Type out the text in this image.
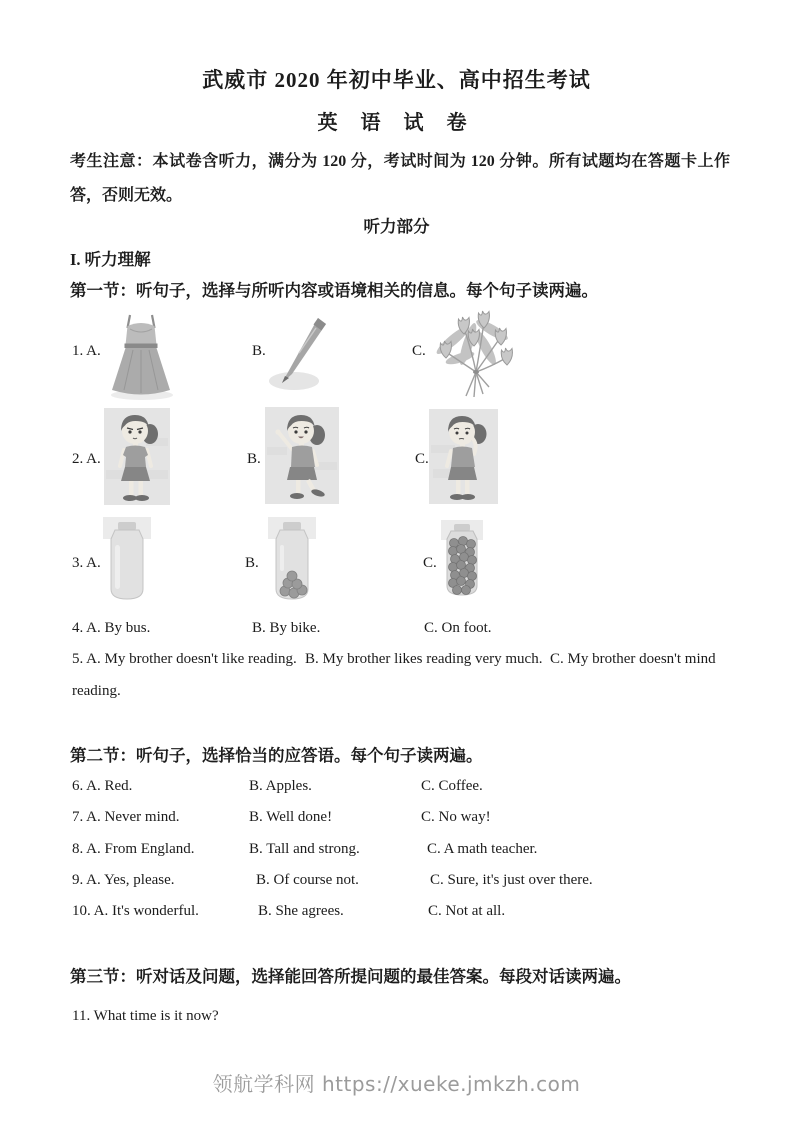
武威市 2020 年初中毕业、高中招生考试
英 语 试 卷
考生注意：本试卷含听力，满分为 120 分，考试时间为 120 分钟。所有试题均在答题卡上作答，否则无效。
听力部分
I. 听力理解
第一节：听句子，选择与所听内容或语境相关的信息。每个句子读两遍。
1. A.	B.	C.
2. A.	B.	C.
3. A.	B.	C.
4. A. By bus.	B. By bike.	C. On foot.
5. A. My brother doesn't like reading. B. My brother likes reading very much. C. My brother doesn't mind
reading.
第二节：听句子，选择恰当的应答语。每个句子读两遍。
6. A. Red.	B. Apples.	C. Coffee.
7. A. Never mind.	B. Well done!	C. No way!
8. A. From England.	B. Tall and strong.	C. A math teacher.
9. A. Yes, please.	B. Of course not.	C. Sure, it's just over there.
10. A. It's wonderful.	B. She agrees.	C. Not at all.
第三节：听对话及问题，选择能回答所提问题的最佳答案。每段对话读两遍。
11. What time is it now?
领航学科网 https://xueke.jmkzh.com
